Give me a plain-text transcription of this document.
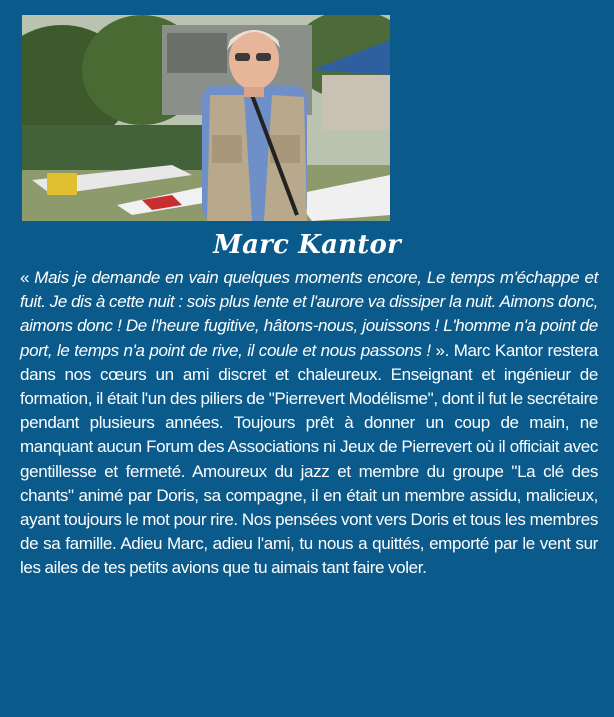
Marc Kantor
« Mais je demande en vain quelques moments encore, Le temps m'échappe et fuit. Je dis à cette nuit : sois plus lente et l'aurore va dissiper la nuit. Aimons donc, aimons donc ! De l'heure fugitive, hâtons-nous, jouissons ! L'homme n'a point de port, le temps n'a point de rive, il coule et nous passons ! ». Marc Kantor restera dans nos cœurs un ami discret et chaleureux. Enseignant et ingénieur de formation, il était l'un des piliers de "Pierrevert Modélisme", dont il fut le secrétaire pendant plusieurs années. Toujours prêt à donner un coup de main, ne manquant aucun Forum des Associations ni Jeux de Pierrevert où il officiait avec gentillesse et fermeté. Amoureux du jazz et membre du groupe "La clé des chants" animé par Doris, sa compagne, il en était un membre assidu, malicieux, ayant toujours le mot pour rire. Nos pensées vont vers Doris et tous les membres de sa famille. Adieu Marc, adieu l'ami, tu nous a quittés, emporté par le vent sur les ailes de tes petits avions que tu aimais tant faire voler.
